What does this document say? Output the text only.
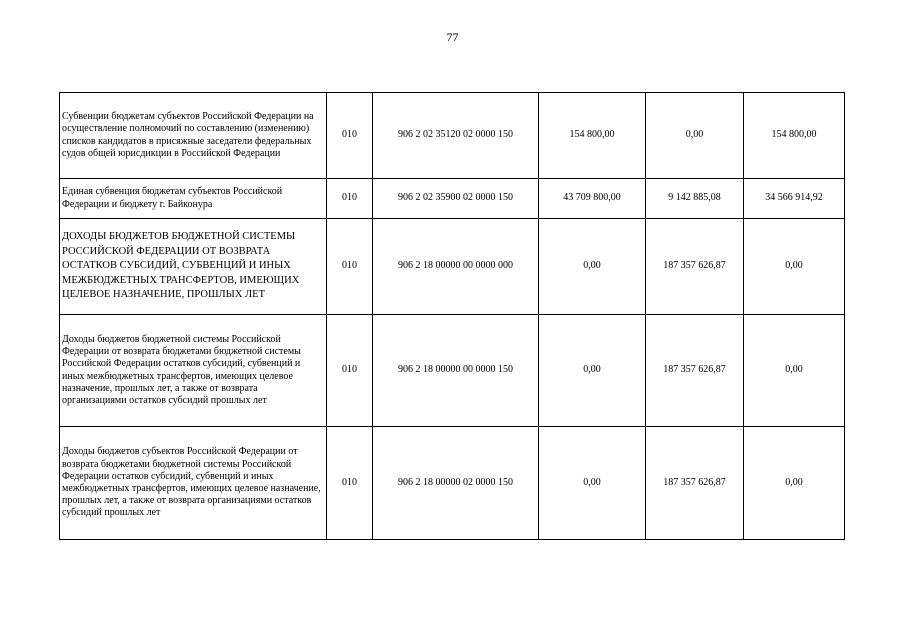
77
Субвенции бюджетам субъектов Российской Федерации на осуществление полномочий по составлению (изменению) списков кандидатов в присяжные заседатели федеральных судов общей юрисдикции в Российской Федерации	010	906 2 02 35120 02 0000 150	154 800,00	0,00	154 800,00
Единая субвенция бюджетам субъектов Российской Федерации и бюджету г. Байконура	010	906 2 02 35900 02 0000 150	43 709 800,00	9 142 885,08	34 566 914,92
ДОХОДЫ БЮДЖЕТОВ БЮДЖЕТНОЙ СИСТЕМЫ РОССИЙСКОЙ ФЕДЕРАЦИИ ОТ ВОЗВРАТА ОСТАТКОВ СУБСИДИЙ, СУБВЕНЦИЙ И ИНЫХ МЕЖБЮДЖЕТНЫХ ТРАНСФЕРТОВ, ИМЕЮЩИХ ЦЕЛЕВОЕ НАЗНАЧЕНИЕ, ПРОШЛЫХ ЛЕТ	010	906 2 18 00000 00 0000 000	0,00	187 357 626,87	0,00
Доходы бюджетов бюджетной системы Российской Федерации от возврата бюджетами бюджетной системы Российской Федерации остатков субсидий, субвенций и иных межбюджетных трансфертов, имеющих целевое назначение, прошлых лет, а также от возврата организациями остатков субсидий прошлых лет	010	906 2 18 00000 00 0000 150	0,00	187 357 626,87	0,00
Доходы бюджетов субъектов Российской Федерации от возврата бюджетами бюджетной системы Российской Федерации остатков субсидий, субвенций и иных межбюджетных трансфертов, имеющих целевое назначение, прошлых лет, а также от возврата организациями остатков субсидий прошлых лет	010	906 2 18 00000 02 0000 150	0,00	187 357 626,87	0,00
